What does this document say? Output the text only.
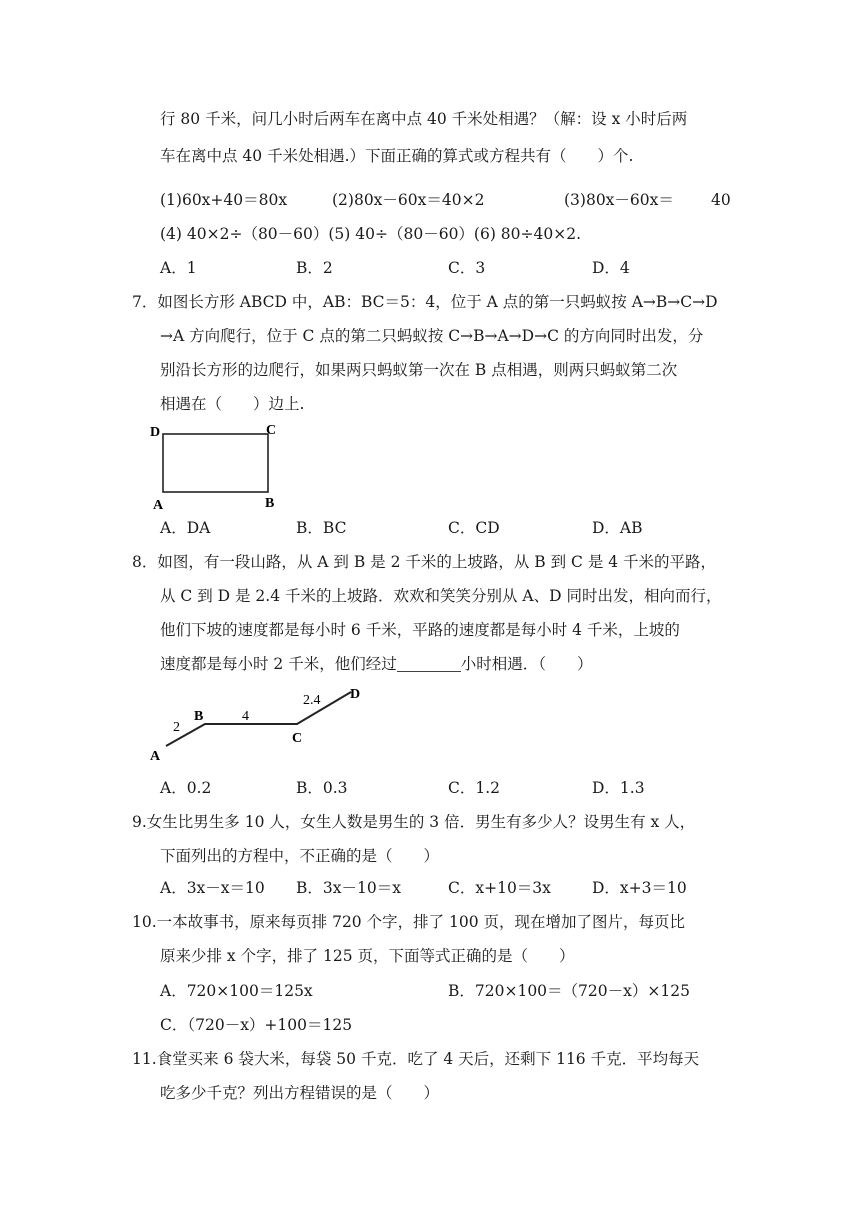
行 80 千米，问几小时后两车在离中点 40 千米处相遇？（解：设 x 小时后两
车在离中点 40 千米处相遇.）下面正确的算式或方程共有（　　）个.
(1)60x+40＝80x	(2)80x－60x＝40×2	(3)80x－60x＝ 40
(4) 40×2÷（80－60）(5) 40÷（80－60）(6) 80÷40×2.
A．1	B．2	C．3	D．4
7．如图长方形 ABCD 中，AB：BC＝5：4，位于 A 点的第一只蚂蚁按 A→B→C→D
→A 方向爬行，位于 C 点的第二只蚂蚁按 C→B→A→D→C 的方向同时出发，分
别沿长方形的边爬行，如果两只蚂蚁第一次在 B 点相遇，则两只蚂蚁第二次
相遇在（　　）边上.
D	C
A	B
A．DA	B．BC	C．CD	D．AB
8．如图，有一段山路，从 A 到 B 是 2 千米的上坡路，从 B 到 C 是 4 千米的平路，
从 C 到 D 是 2.4 千米的上坡路．欢欢和笑笑分别从 A、D 同时出发，相向而行，
他们下坡的速度都是每小时 6 千米，平路的速度都是每小时 4 千米，上坡的
速度都是每小时 2 千米，他们经过	小时相遇．（　　）
A
B
C
D
2
4
2.4
A．0.2	B．0.3	C．1.2	D．1.3
9.女生比男生多 10 人，女生人数是男生的 3 倍．男生有多少人？设男生有 x 人，
下面列出的方程中，不正确的是（　　）
A．3x－x＝10 B．3x－10＝x	C．x+10＝3x	D．x+3＝10
10.一本故事书，原来每页排 720 个字，排了 100 页，现在增加了图片，每页比
原来少排 x 个字，排了 125 页，下面等式正确的是（　　）
A．720×100＝125x	B．720×100＝（720－x）×125
C．（720－x）+100＝125
11.食堂买来 6 袋大米，每袋 50 千克．吃了 4 天后，还剩下 116 千克．平均每天
吃多少千克？列出方程错误的是（　　）
